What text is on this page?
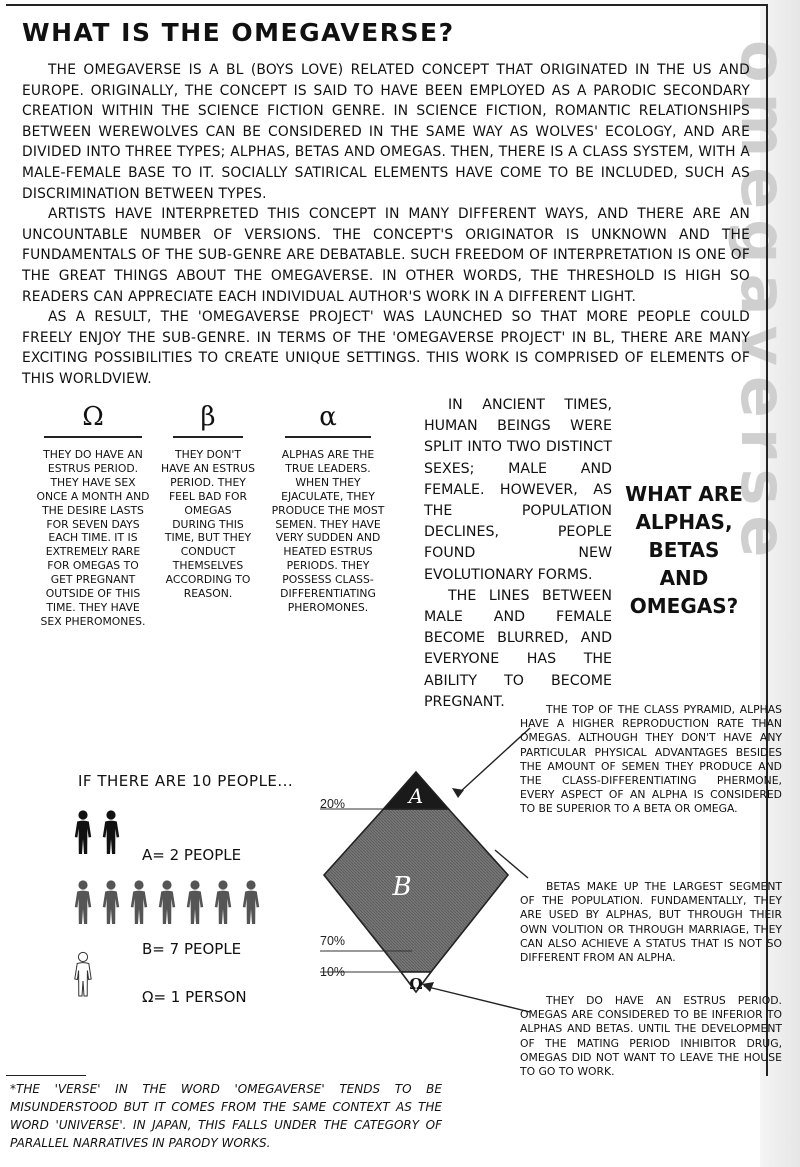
omegaverse
WHAT IS THE OMEGAVERSE?

THE OMEGAVERSE IS A BL (BOYS LOVE) RELATED CONCEPT THAT ORIGINATED IN THE US AND EUROPE. ORIGINALLY, THE CONCEPT IS SAID TO HAVE BEEN EMPLOYED AS A PARODIC SECONDARY CREATION WITHIN THE SCIENCE FICTION GENRE. IN SCIENCE FICTION, ROMANTIC RELATIONSHIPS BETWEEN WEREWOLVES CAN BE CONSIDERED IN THE SAME WAY AS WOLVES' ECOLOGY, AND ARE DIVIDED INTO THREE TYPES; ALPHAS, BETAS AND OMEGAS. THEN, THERE IS A CLASS SYSTEM, WITH A MALE-FEMALE BASE TO IT. SOCIALLY SATIRICAL ELEMENTS HAVE COME TO BE INCLUDED, SUCH AS DISCRIMINATION BETWEEN TYPES.

ARTISTS HAVE INTERPRETED THIS CONCEPT IN MANY DIFFERENT WAYS, AND THERE ARE AN UNCOUNTABLE NUMBER OF VERSIONS. THE CONCEPT'S ORIGINATOR IS UNKNOWN AND THE FUNDAMENTALS OF THE SUB-GENRE ARE DEBATABLE. SUCH FREEDOM OF INTERPRETATION IS ONE OF THE GREAT THINGS ABOUT THE OMEGAVERSE. IN OTHER WORDS, THE THRESHOLD IS HIGH SO READERS CAN APPRECIATE EACH INDIVIDUAL AUTHOR'S WORK IN A DIFFERENT LIGHT.

AS A RESULT, THE 'OMEGAVERSE PROJECT' WAS LAUNCHED SO THAT MORE PEOPLE COULD FREELY ENJOY THE SUB-GENRE. IN TERMS OF THE 'OMEGAVERSE PROJECT' IN BL, THERE ARE MANY EXCITING POSSIBILITIES TO CREATE UNIQUE SETTINGS. THIS WORK IS COMPRISED OF ELEMENTS OF THIS WORLDVIEW.

Ω
THEY DO HAVE AN ESTRUS PERIOD. THEY HAVE SEX ONCE A MONTH AND THE DESIRE LASTS FOR SEVEN DAYS EACH TIME. IT IS EXTREMELY RARE FOR OMEGAS TO GET PREGNANT OUTSIDE OF THIS TIME. THEY HAVE SEX PHEROMONES.
β
THEY DON'T HAVE AN ESTRUS PERIOD. THEY FEEL BAD FOR OMEGAS DURING THIS TIME, BUT THEY CONDUCT THEMSELVES ACCORDING TO REASON.
α
ALPHAS ARE THE TRUE LEADERS. WHEN THEY EJACULATE, THEY PRODUCE THE MOST SEMEN. THEY HAVE VERY SUDDEN AND HEATED ESTRUS PERIODS. THEY POSSESS CLASS-DIFFERENTIATING PHEROMONES.

IN ANCIENT TIMES, HUMAN BEINGS WERE SPLIT INTO TWO DISTINCT SEXES; MALE AND FEMALE. HOWEVER, AS THE POPULATION DECLINES, PEOPLE FOUND NEW EVOLUTIONARY FORMS.

THE LINES BETWEEN MALE AND FEMALE BECOME BLURRED, AND EVERYONE HAS THE ABILITY TO BECOME PREGNANT.

WHAT ARE ALPHAS, BETAS AND OMEGAS?
IF THERE ARE 10 PEOPLE...
Α= 2 PEOPLE
Β= 7 PEOPLE
Ω= 1 PERSON
Α
Β
Ω
20%
70%
10%

THE TOP OF THE CLASS PYRAMID, ALPHAS HAVE A HIGHER REPRODUCTION RATE THAN OMEGAS. ALTHOUGH THEY DON'T HAVE ANY PARTICULAR PHYSICAL ADVANTAGES BESIDES THE AMOUNT OF SEMEN THEY PRODUCE AND THE CLASS-DIFFERENTIATING PHERMONE, EVERY ASPECT OF AN ALPHA IS CONSIDERED TO BE SUPERIOR TO A BETA OR OMEGA.

BETAS MAKE UP THE LARGEST SEGMENT OF THE POPULATION. FUNDAMENTALLY, THEY ARE USED BY ALPHAS, BUT THROUGH THEIR OWN VOLITION OR THROUGH MARRIAGE, THEY CAN ALSO ACHIEVE A STATUS THAT IS NOT SO DIFFERENT FROM AN ALPHA.

THEY DO HAVE AN ESTRUS PERIOD. OMEGAS ARE CONSIDERED TO BE INFERIOR TO ALPHAS AND BETAS. UNTIL THE DEVELOPMENT OF THE MATING PERIOD INHIBITOR DRUG, OMEGAS DID NOT WANT TO LEAVE THE HOUSE TO GO TO WORK.

*THE 'VERSE' IN THE WORD 'OMEGAVERSE' TENDS TO BE MISUNDERSTOOD BUT IT COMES FROM THE SAME CONTEXT AS THE WORD 'UNIVERSE'. IN JAPAN, THIS FALLS UNDER THE CATEGORY OF PARALLEL NARRATIVES IN PARODY WORKS.
